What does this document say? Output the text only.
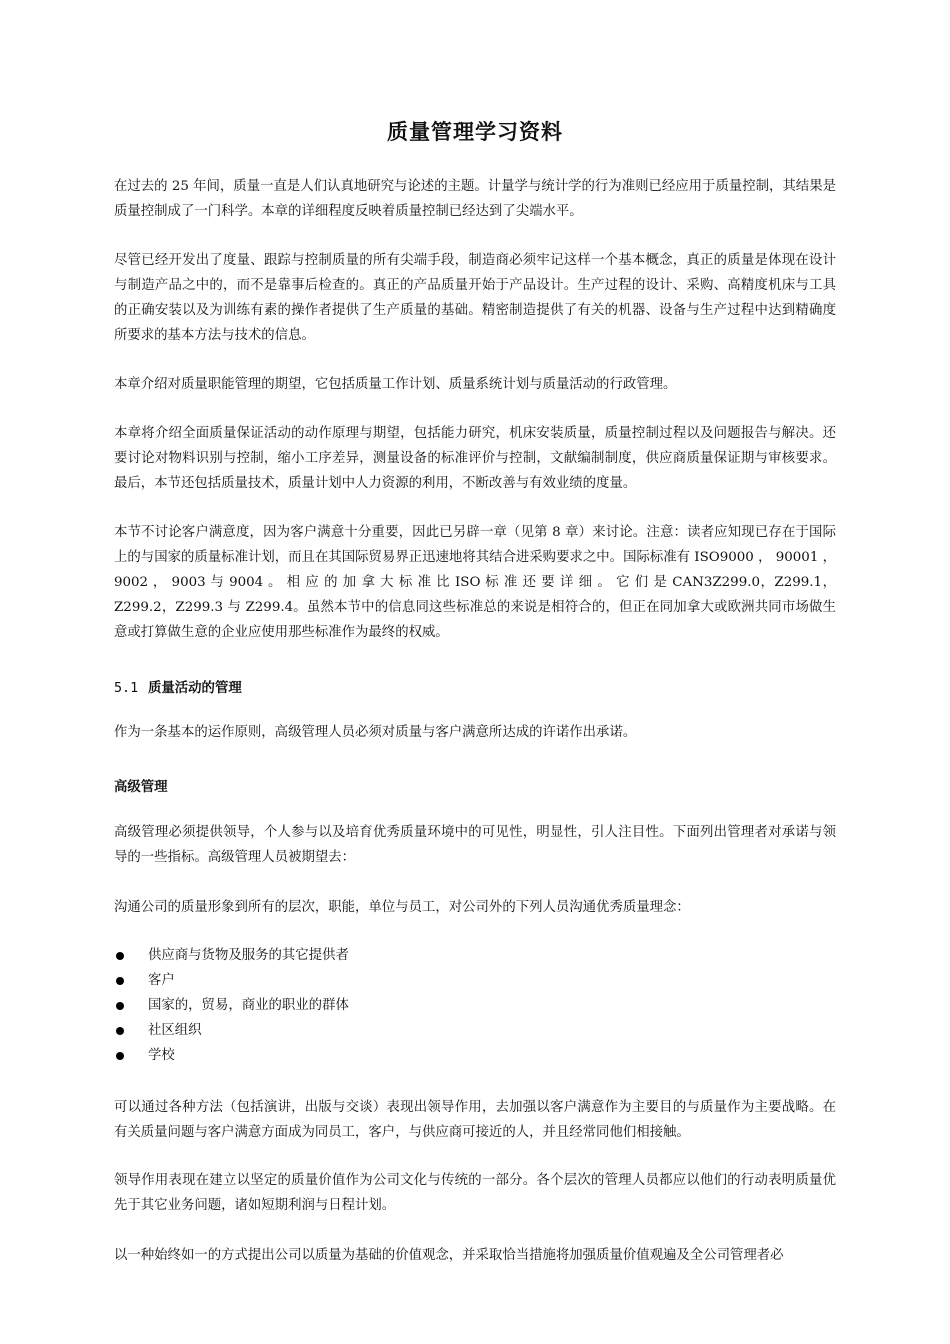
质量管理学习资料

在过去的 25 年间，质量一直是人们认真地研究与论述的主题。计量学与统计学的行为准则已经应用于质量控制，其结果是质量控制成了一门科学。本章的详细程度反映着质量控制已经达到了尖端水平。

尽管已经开发出了度量、跟踪与控制质量的所有尖端手段，制造商必须牢记这样一个基本概念，真正的质量是体现在设计与制造产品之中的，而不是靠事后检查的。真正的产品质量开始于产品设计。生产过程的设计、采购、高精度机床与工具的正确安装以及为训练有素的操作者提供了生产质量的基础。精密制造提供了有关的机器、设备与生产过程中达到精确度所要求的基本方法与技术的信息。

本章介绍对质量职能管理的期望，它包括质量工作计划、质量系统计划与质量活动的行政管理。

本章将介绍全面质量保证活动的动作原理与期望，包括能力研究，机床安装质量，质量控制过程以及问题报告与解决。还要讨论对物料识别与控制，缩小工序差异，测量设备的标准评价与控制，文献编制制度，供应商质量保证期与审核要求。最后，本节还包括质量技术，质量计划中人力资源的利用，不断改善与有效业绩的度量。

本节不讨论客户满意度，因为客户满意十分重要，因此已另辟一章（见第 8 章）来讨论。注意：读者应知现已存在于国际上的与国家的质量标准计划，而且在其国际贸易界正迅速地将其结合进采购要求之中。国际标准有 ISO9000 ， 90001 ， 9002 ， 9003 与 9004 。 相 应 的 加 拿 大 标 准 比 ISO 标 准 还 要 详 细 。 它 们 是 CAN3Z299.0，Z299.1，Z299.2，Z299.3 与 Z299.4。虽然本节中的信息同这些标准总的来说是相符合的，但正在同加拿大或欧洲共同市场做生意或打算做生意的企业应使用那些标准作为最终的权威。

5.1 质量活动的管理

作为一条基本的运作原则，高级管理人员必须对质量与客户满意所达成的许诺作出承诺。

高级管理

高级管理必须提供领导，个人参与以及培育优秀质量环境中的可见性，明显性，引人注目性。下面列出管理者对承诺与领导的一些指标。高级管理人员被期望去：

沟通公司的质量形象到所有的层次，职能，单位与员工，对公司外的下列人员沟通优秀质量理念：

供应商与货物及服务的其它提供者
客户
国家的，贸易，商业的职业的群体
社区组织
学校

可以通过各种方法（包括演讲，出版与交谈）表现出领导作用，去加强以客户满意作为主要目的与质量作为主要战略。在有关质量问题与客户满意方面成为同员工，客户，与供应商可接近的人，并且经常同他们相接触。

领导作用表现在建立以坚定的质量价值作为公司文化与传统的一部分。各个层次的管理人员都应以他们的行动表明质量优先于其它业务问题，诸如短期利润与日程计划。

以一种始终如一的方式提出公司以质量为基础的价值观念，并采取恰当措施将加强质量价值观遍及全公司管理者必
